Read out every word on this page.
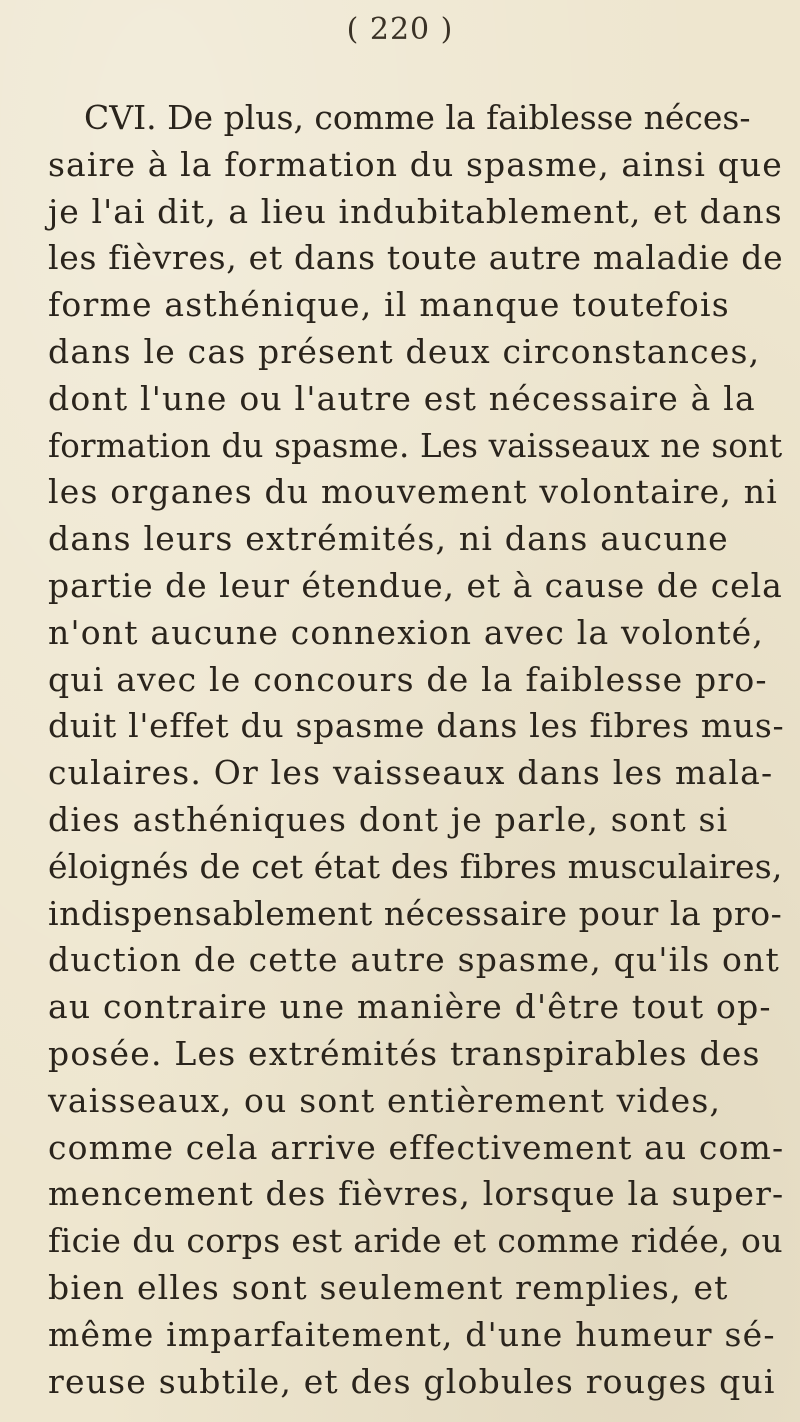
( 220 )
CVI. De plus, comme la faiblesse néces-
saire à la formation du spasme, ainsi que
je l'ai dit, a lieu indubitablement, et dans
les fièvres, et dans toute autre maladie de
forme asthénique, il manque toutefois
dans le cas présent deux circonstances,
dont l'une ou l'autre est nécessaire à la
formation du spasme. Les vaisseaux ne sont
les organes du mouvement volontaire, ni
dans leurs extrémités, ni dans aucune
partie de leur étendue, et à cause de cela
n'ont aucune connexion avec la volonté,
qui avec le concours de la faiblesse pro-
duit l'effet du spasme dans les fibres mus-
culaires. Or les vaisseaux dans les mala-
dies asthéniques dont je parle, sont si
éloignés de cet état des fibres musculaires,
indispensablement nécessaire pour la pro-
duction de cette autre spasme, qu'ils ont
au contraire une manière d'être tout op-
posée. Les extrémités transpirables des
vaisseaux, ou sont entièrement vides,
comme cela arrive effectivement au com-
mencement des fièvres, lorsque la super-
ficie du corps est aride et comme ridée, ou
bien elles sont seulement remplies, et
même imparfaitement, d'une humeur sé-
reuse subtile, et des globules rouges qui
